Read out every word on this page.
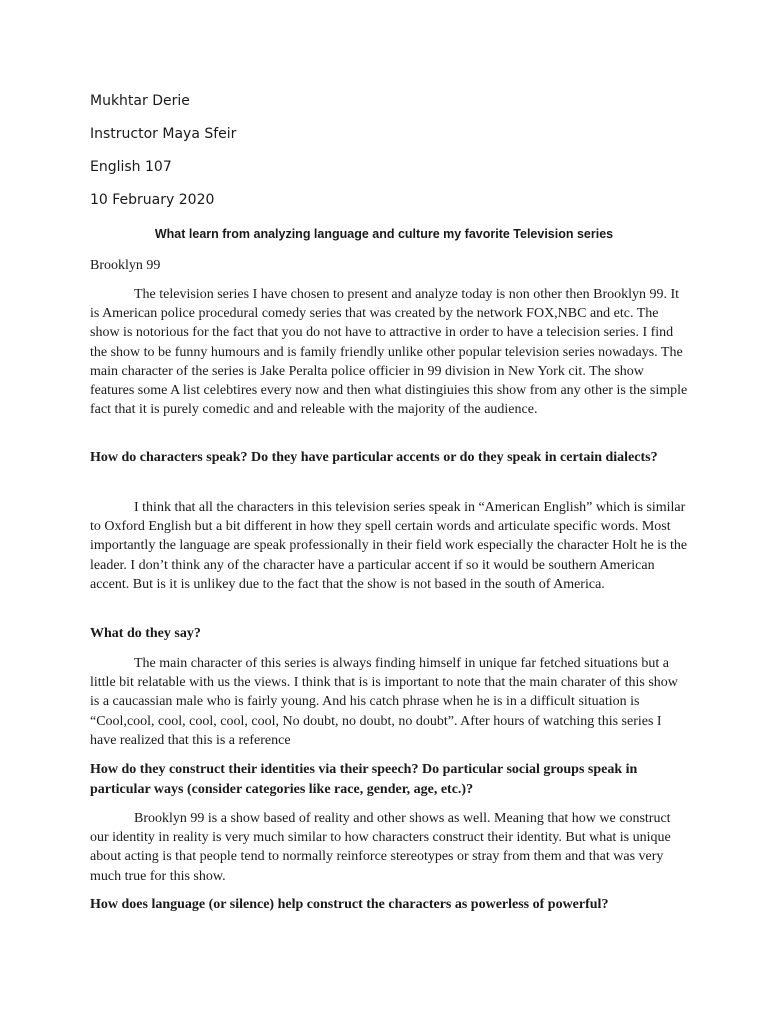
Mukhtar Derie
Instructor Maya Sfeir
English 107
10 February 2020
What learn from analyzing language and culture my favorite Television series
Brooklyn 99
The television series I have chosen to present and analyze today is non other then Brooklyn 99. It is American police procedural comedy series that was created by the network FOX,NBC and etc. The show is notorious for the fact that you do not have to attractive in order to have a telecision series. I find the show to be funny humours and is family friendly unlike other popular television series nowadays. The main character of the series is Jake Peralta police officier in 99 division in New York cit. The show features some A list celebtires every now and then what distingiuies this show from any other is the simple fact that it is purely comedic and and releable with the majority of the audience.
How do characters speak? Do they have particular accents or do they speak in certain dialects?
I think that all the characters in this television series speak in “American English” which is similar to Oxford English but a bit different in how they spell certain words and articulate specific words. Most importantly the language are speak professionally in their field work especially the character Holt he is the leader. I don’t think any of the character have a particular accent if so it would be southern American accent. But is it is unlikey due to the fact that the show is not based in the south of America.
What do they say?
The main character of this series is always finding himself in unique far fetched situations but a little bit relatable with us the views. I think that is is important to note that the main charater of this show is a caucassian male who is fairly young. And his catch phrase when he is in a difficult situation is “Cool,cool, cool, cool, cool, cool, No doubt, no doubt, no doubt”. After hours of watching this series I have realized that this is a reference
How do they construct their identities via their speech? Do particular social groups speak in particular ways (consider categories like race, gender, age, etc.)?
Brooklyn 99 is a show based of reality and other shows as well. Meaning that how we construct our identity in reality is very much similar to how characters construct their identity. But what is unique about acting is that people tend to normally reinforce stereotypes or stray from them and that was very much true for this show.
How does language (or silence) help construct the characters as powerless of powerful?
